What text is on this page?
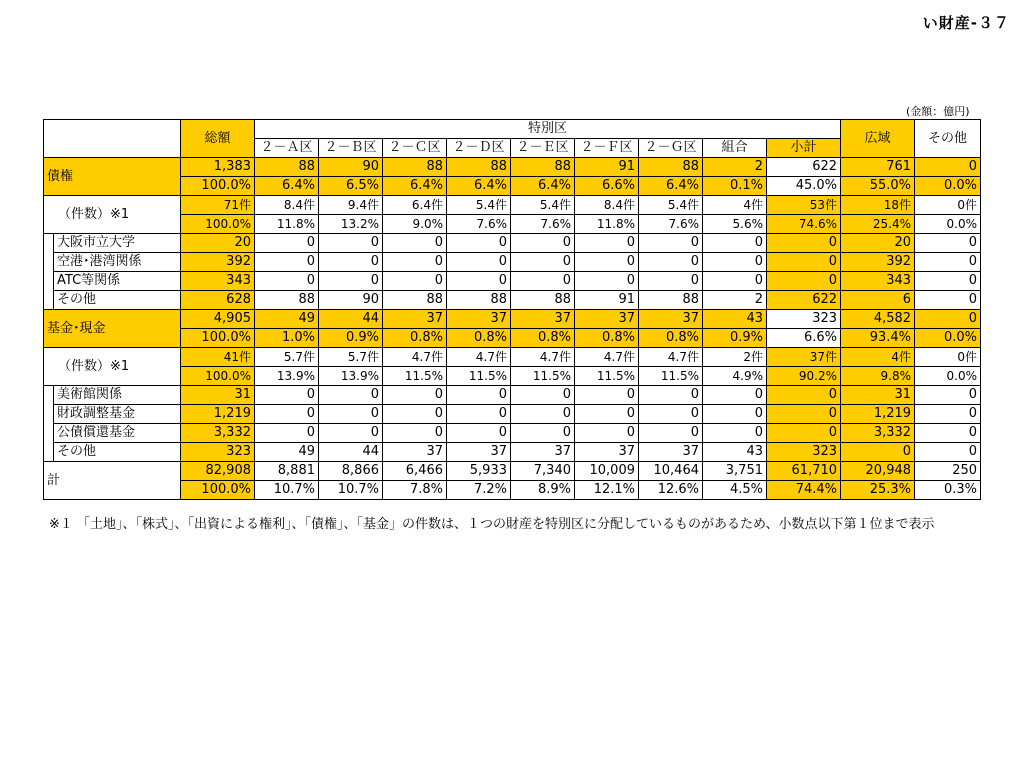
い財産-３７
(金額：億円)
		総額	特別区									広域	その他
			２－Ａ区	２－Ｂ区	２－Ｃ区	２－Ｄ区	２－Ｅ区	２－Ｆ区	２－Ｇ区	組合	小計		
債権		1,383	88	90	88	88	88	91	88	2	622	761	0
		100.0%	6.4%	6.5%	6.4%	6.4%	6.4%	6.6%	6.4%	0.1%	45.0%	55.0%	0.0%
（件数）※1		71件	8.4件	9.4件	6.4件	5.4件	5.4件	8.4件	5.4件	4件	53件	18件	0件
		100.0%	11.8%	13.2%	9.0%	7.6%	7.6%	11.8%	7.6%	5.6%	74.6%	25.4%	0.0%
	大阪市立大学	20	0	0	0	0	0	0	0	0	0	20	0
	空港･港湾関係	392	0	0	0	0	0	0	0	0	0	392	0
	ATC等関係	343	0	0	0	0	0	0	0	0	0	343	0
	その他	628	88	90	88	88	88	91	88	2	622	6	0
基金･現金		4,905	49	44	37	37	37	37	37	43	323	4,582	0
		100.0%	1.0%	0.9%	0.8%	0.8%	0.8%	0.8%	0.8%	0.9%	6.6%	93.4%	0.0%
（件数）※1		41件	5.7件	5.7件	4.7件	4.7件	4.7件	4.7件	4.7件	2件	37件	4件	0件
		100.0%	13.9%	13.9%	11.5%	11.5%	11.5%	11.5%	11.5%	4.9%	90.2%	9.8%	0.0%
	美術館関係	31	0	0	0	0	0	0	0	0	0	31	0
	財政調整基金	1,219	0	0	0	0	0	0	0	0	0	1,219	0
	公債償還基金	3,332	0	0	0	0	0	0	0	0	0	3,332	0
	その他	323	49	44	37	37	37	37	37	43	323	0	0
計		82,908	8,881	8,866	6,466	5,933	7,340	10,009	10,464	3,751	61,710	20,948	250
		100.0%	10.7%	10.7%	7.8%	7.2%	8.9%	12.1%	12.6%	4.5%	74.4%	25.3%	0.3%
※１ 「土地」、「株式」、「出資による権利」、「債権」、「基金」の件数は、１つの財産を特別区に分配しているものがあるため、小数点以下第１位まで表示
